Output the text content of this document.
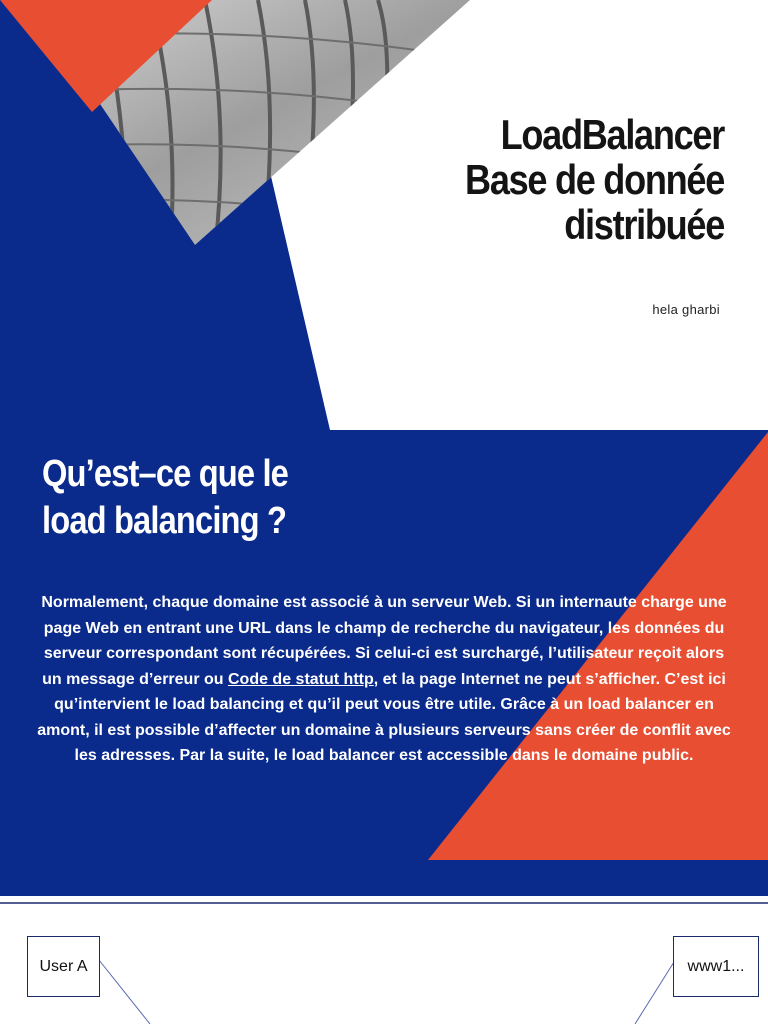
LoadBalancer
Base de donnée
distribuée
hela gharbi
Qu’est–ce que le
load balancing ?

Normalement, chaque domaine est associé à un serveur Web. Si un internaute charge une page Web en entrant une URL dans le champ de recherche du navigateur, les données du serveur correspondant sont récupérées. Si celui-ci est surchargé, l’utilisateur reçoit alors un message d’erreur ou Code de statut http, et la page Internet ne peut s’afficher. C’est ici qu’intervient le load balancing et qu’il peut vous être utile. Grâce à un load balancer en amont, il est possible d’affecter un domaine à plusieurs serveurs sans créer de conflit avec les adresses. Par la suite, le load balancer est accessible dans le domaine public.

User A	www1...
